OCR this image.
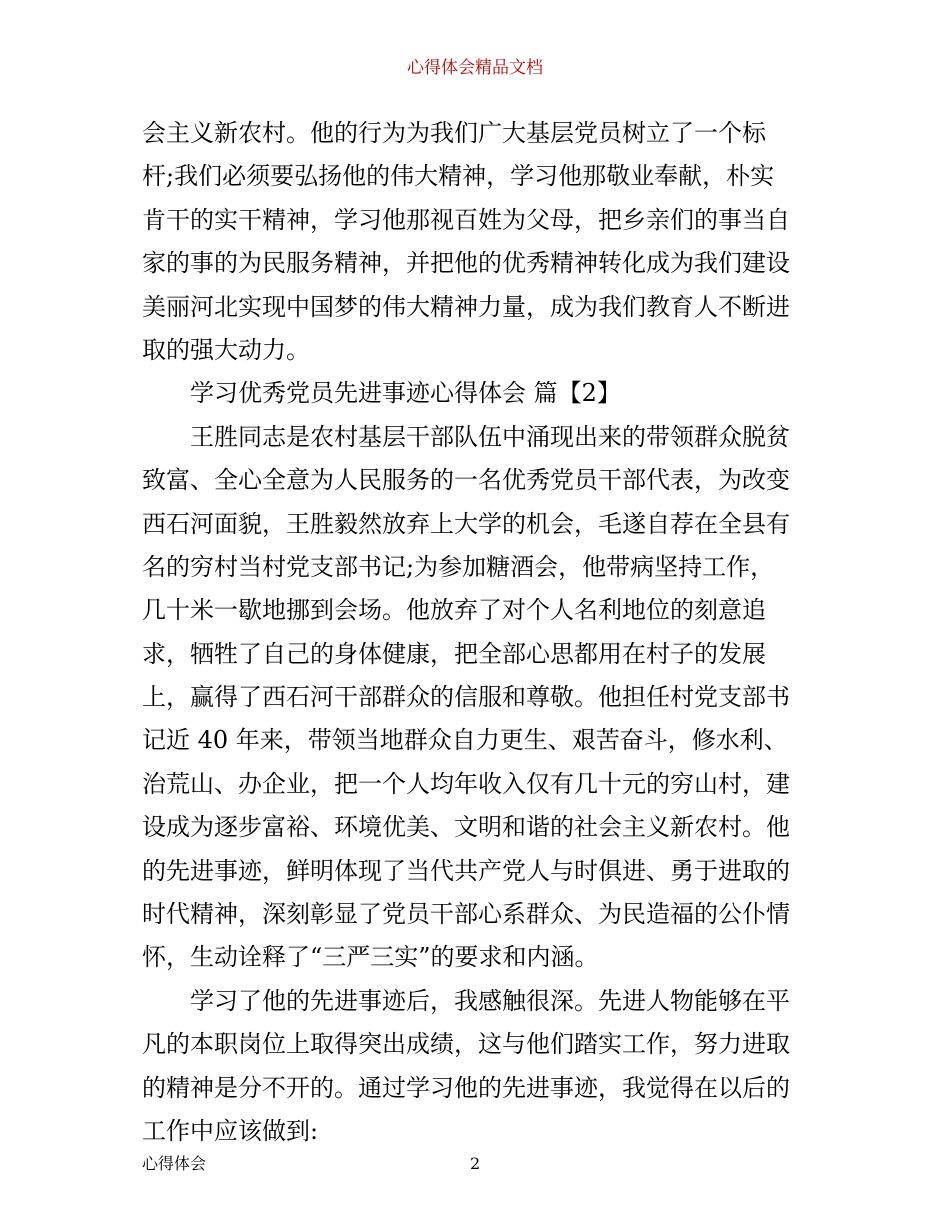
心得体会精品文档
会主义新农村。他的行为为我们广大基层党员树立了一个标
杆;我们必须要弘扬他的伟大精神，学习他那敬业奉献，朴实
肯干的实干精神，学习他那视百姓为父母，把乡亲们的事当自
家的事的为民服务精神，并把他的优秀精神转化成为我们建设
美丽河北实现中国梦的伟大精神力量，成为我们教育人不断进
取的强大动力。
学习优秀党员先进事迹心得体会 篇【2】
王胜同志是农村基层干部队伍中涌现出来的带领群众脱贫
致富、全心全意为人民服务的一名优秀党员干部代表，为改变
西石河面貌，王胜毅然放弃上大学的机会，毛遂自荐在全县有
名的穷村当村党支部书记;为参加糖酒会，他带病坚持工作，
几十米一歇地挪到会场。他放弃了对个人名利地位的刻意追
求，牺牲了自己的身体健康，把全部心思都用在村子的发展
上，赢得了西石河干部群众的信服和尊敬。他担任村党支部书
记近 40 年来，带领当地群众自力更生、艰苦奋斗，修水利、
治荒山、办企业，把一个人均年收入仅有几十元的穷山村，建
设成为逐步富裕、环境优美、文明和谐的社会主义新农村。他
的先进事迹，鲜明体现了当代共产党人与时俱进、勇于进取的
时代精神，深刻彰显了党员干部心系群众、为民造福的公仆情
怀，生动诠释了“三严三实”的要求和内涵。
学习了他的先进事迹后，我感触很深。先进人物能够在平
凡的本职岗位上取得突出成绩，这与他们踏实工作，努力进取
的精神是分不开的。通过学习他的先进事迹，我觉得在以后的
工作中应该做到:
心得体会	2
